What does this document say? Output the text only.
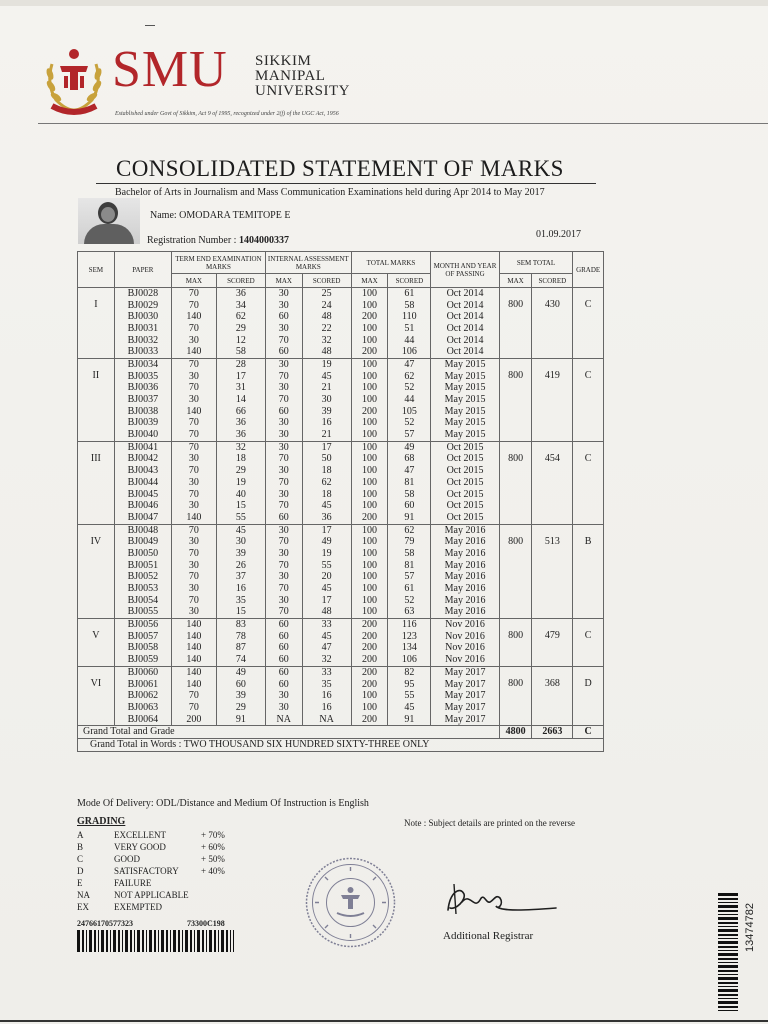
SMU SIKKIM
MANIPAL
UNIVERSITY
Established under Govt of Sikkim, Act 9 of 1995, recognized under 2(f) of the UGC Act, 1956
CONSOLIDATED STATEMENT OF MARKS
Bachelor of Arts in Journalism and Mass Communication Examinations held during Apr 2014 to May 2017
Name: OMODARA TEMITOPE E
Registration Number : 1404000337
01.09.2017
SEM	PAPER	TERM END EXAMINATION MARKS		INTERNAL ASSESSMENT MARKS		TOTAL MARKS		MONTH AND YEAR OF PASSING	SEM TOTAL		GRADE
		MAX	SCORED	MAX	SCORED	MAX	SCORED		MAX	SCORED	

I	BJ0028	70	36	30	25	100	61	Oct 2014	800	430	C

	BJ0029	70	34	30	24	100	58	Oct 2014			
	BJ0030	140	62	60	48	200	110	Oct 2014			
	BJ0031	70	29	30	22	100	51	Oct 2014			
	BJ0032	30	12	70	32	100	44	Oct 2014			
	BJ0033	140	58	60	48	200	106	Oct 2014			

II	BJ0034	70	28	30	19	100	47	May 2015	800	419	C

	BJ0035	30	17	70	45	100	62	May 2015			
	BJ0036	70	31	30	21	100	52	May 2015			
	BJ0037	30	14	70	30	100	44	May 2015			
	BJ0038	140	66	60	39	200	105	May 2015			
	BJ0039	70	36	30	16	100	52	May 2015			
	BJ0040	70	36	30	21	100	57	May 2015			

III	BJ0041	70	32	30	17	100	49	Oct 2015	800	454	C

	BJ0042	30	18	70	50	100	68	Oct 2015			
	BJ0043	70	29	30	18	100	47	Oct 2015			
	BJ0044	30	19	70	62	100	81	Oct 2015			
	BJ0045	70	40	30	18	100	58	Oct 2015			
	BJ0046	30	15	70	45	100	60	Oct 2015			
	BJ0047	140	55	60	36	200	91	Oct 2015			

IV	BJ0048	70	45	30	17	100	62	May 2016	800	513	B

	BJ0049	30	30	70	49	100	79	May 2016			
	BJ0050	70	39	30	19	100	58	May 2016			
	BJ0051	30	26	70	55	100	81	May 2016			
	BJ0052	70	37	30	20	100	57	May 2016			
	BJ0053	30	16	70	45	100	61	May 2016			
	BJ0054	70	35	30	17	100	52	May 2016			
	BJ0055	30	15	70	48	100	63	May 2016			

V	BJ0056	140	83	60	33	200	116	Nov 2016	800	479	C

	BJ0057	140	78	60	45	200	123	Nov 2016			
	BJ0058	140	87	60	47	200	134	Nov 2016			
	BJ0059	140	74	60	32	200	106	Nov 2016			

VI	BJ0060	140	49	60	33	200	82	May 2017	800	368	D

	BJ0061	140	60	60	35	200	95	May 2017			
	BJ0062	70	39	30	16	100	55	May 2017			
	BJ0063	70	29	30	16	100	45	May 2017			
	BJ0064	200	91	NA	NA	200	91	May 2017			
Grand Total and Grade									4800	2663	C
Grand Total in Words : TWO THOUSAND SIX HUNDRED SIXTY-THREE ONLY											
Mode Of Delivery: ODL/Distance and Medium Of Instruction is English
Note : Subject details are printed on the reverse
GRADING
A	EXCELLENT	+ 70%
B	VERY GOOD	+ 60%
C	GOOD	+ 50%
D	SATISFACTORY + 40%
E	FAILURE
NA	NOT APPLICABLE
EX	EXEMPTED
24766170577323	73300C198
Additional Registrar	13474782
